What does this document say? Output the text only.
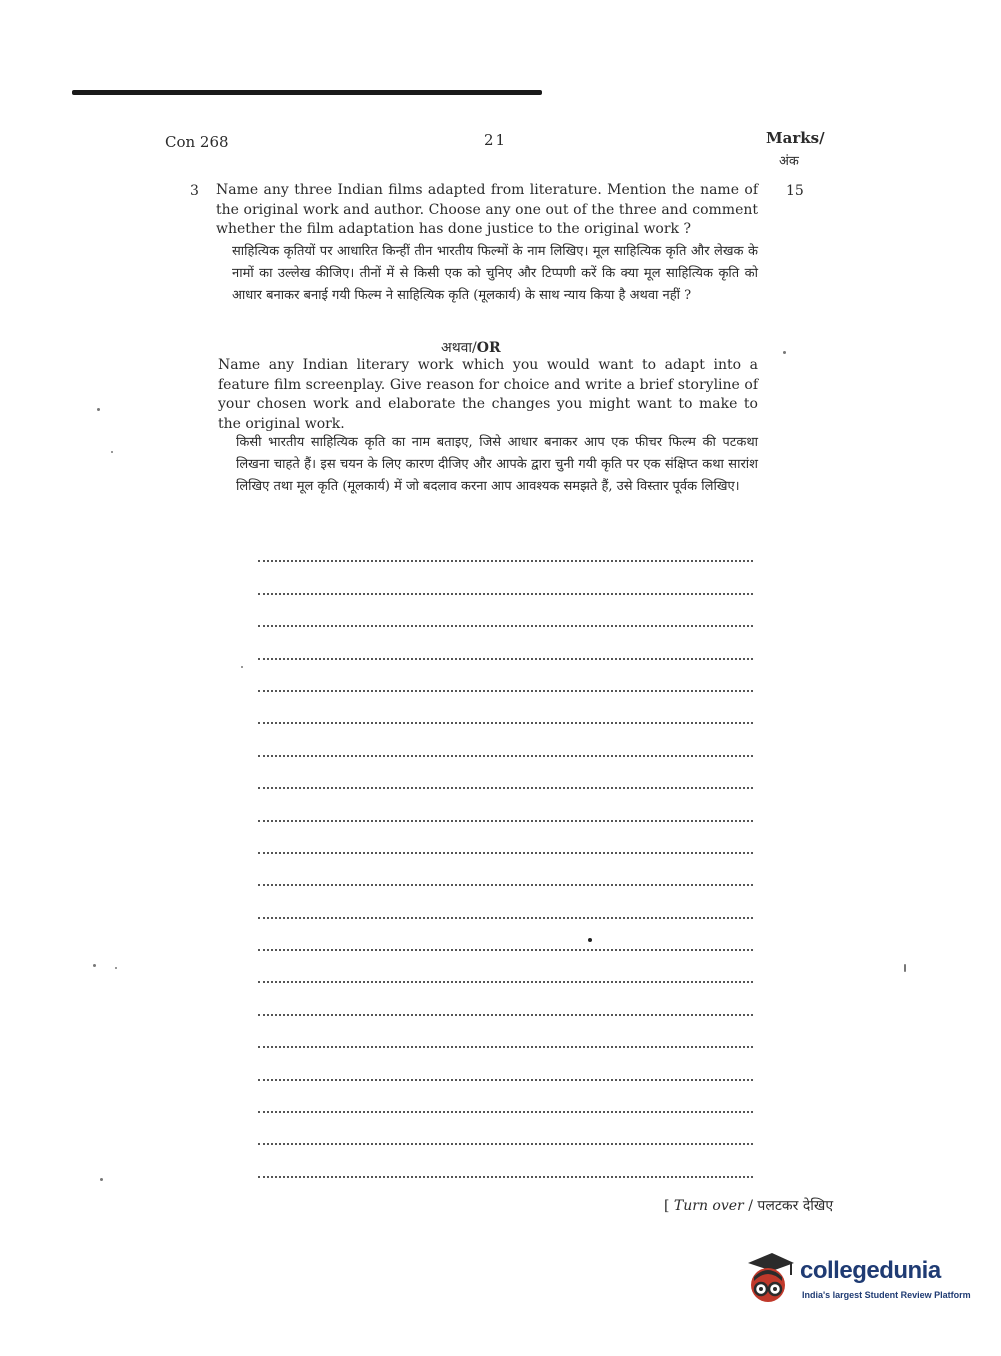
Con 268	21	Marks/
अंक
3	15
Name any three Indian films adapted from literature. Mention the name of the original work and author. Choose any one out of the three and comment whether the film adaptation has done justice to the original work ?
साहित्यिक कृतियों पर आधारित किन्हीं तीन भारतीय फिल्मों के नाम लिखिए। मूल साहित्यिक कृति और लेखक के नामों का उल्लेख कीजिए। तीनों में से किसी एक को चुनिए और टिप्पणी करें कि क्या मूल साहित्यिक कृति को आधार बनाकर बनाई गयी फिल्म ने साहित्यिक कृति (मूलकार्य) के साथ न्याय किया है अथवा नहीं ?
अथवा/OR
Name any Indian literary work which you would want to adapt into a feature film screenplay. Give reason for choice and write a brief storyline of your chosen work and elaborate the changes you might want to make to the original work.
किसी भारतीय साहित्यिक कृति का नाम बताइए, जिसे आधार बनाकर आप एक फीचर फिल्म की पटकथा लिखना चाहते हैं। इस चयन के लिए कारण दीजिए और आपके द्वारा चुनी गयी कृति पर एक संक्षिप्त कथा सारांश लिखिए तथा मूल कृति (मूलकार्य) में जो बदलाव करना आप आवश्यक समझते हैं, उसे विस्तार पूर्वक लिखिए।
[ Turn over / पलटकर देखिए
collegedunia
India's largest Student Review Platform
